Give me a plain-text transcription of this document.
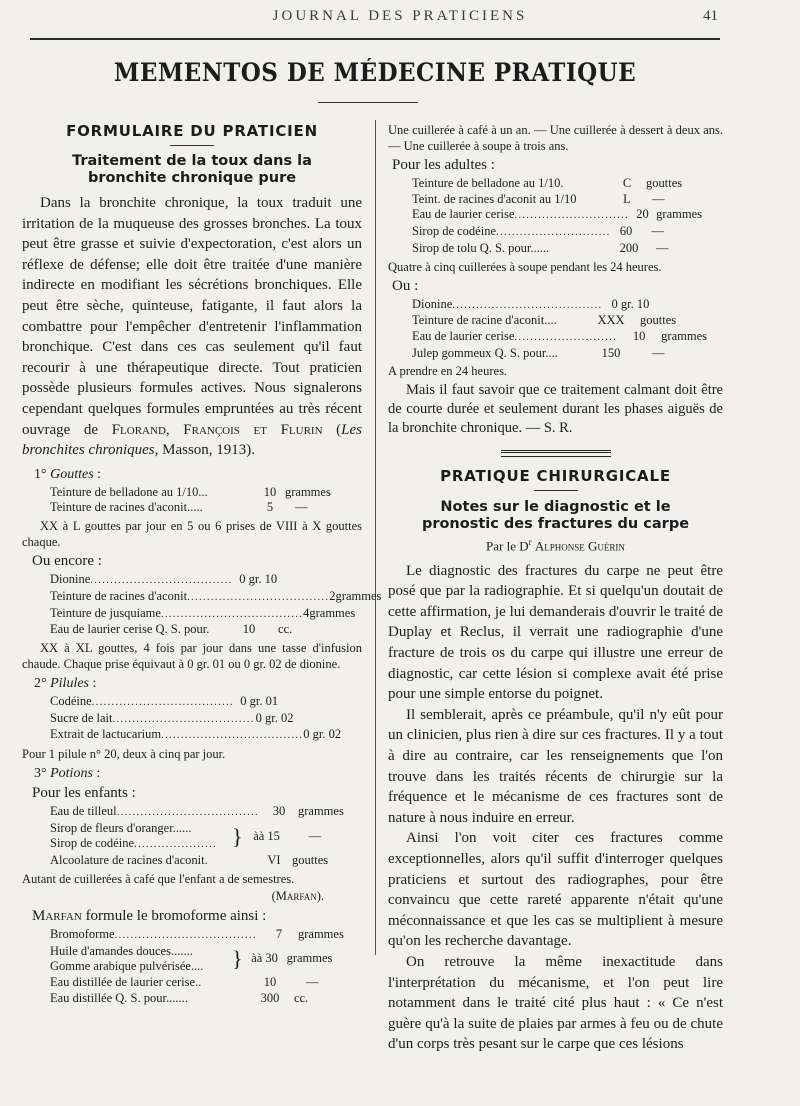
JOURNAL DES PRATICIENS	41
MEMENTOS DE MÉDECINE PRATIQUE
FORMULAIRE DU PRATICIEN
Traitement de la toux dans la bronchite chronique pure

Dans la bronchite chronique, la toux traduit une irritation de la muqueuse des grosses bronches. La toux peut être grasse et suivie d'expectoration, c'est alors un réflexe de défense; elle doit être traitée d'une manière indirecte en modifiant les sécrétions bronchiques. Elle peut être sèche, quinteuse, fatigante, il faut alors la combattre pour l'empêcher d'entretenir l'inflammation bronchique. C'est dans ces cas seulement qu'il faut recourir à une thérapeutique directe. Tout praticien possède plusieurs formules actives. Nous signalerons cependant quelques formules empruntées au très récent ouvrage de Florand, François et Flurin (Les bronchites chroniques, Masson, 1913).

1° Gouttes :
Teinture de belladone au 1/10...	10 grammes
Teinture de racines d'aconit.....	5	—

XX à L gouttes par jour en 5 ou 6 prises de VIII à X gouttes chaque.

Ou encore :
Dionine .................................... 0 gr. 10
Teinture de racines d'aconit .................................... 2 grammes
Teinture de jusquiame .................................... 4 grammes
Eau de laurier cerise Q. S. pour.	10	cc.

XX à XL gouttes, 4 fois par jour dans une tasse d'infusion chaude. Chaque prise équivaut à 0 gr. 01 ou 0 gr. 02 de dionine.

2° Pilules :
Codéine .................................... 0 gr. 01
Sucre de lait .................................... 0 gr. 02
Extrait de lactucarium .................................... 0 gr. 02

Pour 1 pilule n° 20, deux à cinq par jour.

3° Potions :
Pour les enfants :
Eau de tilleul ....................................	30	grammes
Sirop de fleurs d'oranger......
Sirop de codéine ..................... } àà 15	—
Alcoolature de racines d'aconit.	VI gouttes

Autant de cuillerées à café que l'enfant a de semestres.

(Marfan).
Marfan formule le bromoforme ainsi :
Bromoforme ....................................	7	grammes
Huile d'amandes douces.......
Gomme arabique pulvérisée.... } àà 30 grammes
Eau distillée de laurier cerise..	10	—
Eau distillée Q. S. pour.......	300	cc.

Une cuillerée à café à un an. — Une cuillerée à dessert à deux ans. — Une cuillerée à soupe à trois ans.

Pour les adultes :
Teinture de belladone au 1/10.	C	gouttes
Teint. de racines d'aconit au 1/10	L	—
Eau de laurier cerise ............................. 20 grammes
Sirop de codéine ............................. 60	—
Sirop de tolu Q. S. pour......	200	—

Quatre à cinq cuillerées à soupe pendant les 24 heures.

Ou :
Dionine ...................................... 0 gr. 10
Teinture de racine d'aconit....	XXX	gouttes
Eau de laurier cerise ..........................	10	grammes
Julep gommeux Q. S. pour....	150	—

A prendre en 24 heures.

Mais il faut savoir que ce traitement calmant doit être de courte durée et seulement durant les phases aiguës de la bronchite chronique. — S. R.

PRATIQUE CHIRURGICALE
Notes sur le diagnostic et le pronostic des fractures du carpe
Par le $D^r$ Alphonse Guérin

Le diagnostic des fractures du carpe ne peut être posé que par la radiographie. Et si quelqu'un doutait de cette affirmation, je lui demanderais d'ouvrir le traité de Duplay et Reclus, il verrait une radiographie d'une fracture de trois os du carpe qui illustre une erreur de diagnostic, car cette lésion si complexe avait été prise pour une simple entorse du poignet.

Il semblerait, après ce préambule, qu'il n'y eût pour un clinicien, plus rien à dire sur ces fractures. Il y a tout à dire au contraire, car les renseignements que l'on trouve dans les traités récents de chirurgie sur la fréquence et le mécanisme de ces fractures sont de nature à nous induire en erreur.

Ainsi l'on voit citer ces fractures comme exceptionnelles, alors qu'il suffit d'interroger quelques praticiens et surtout des radiographes, pour être convaincu que cette rareté apparente n'était qu'une méconnaissance et que les cas se multiplient à mesure qu'on les recherche davantage.

On retrouve la même inexactitude dans l'interprétation du mécanisme, et l'on peut lire notamment dans le traité cité plus haut : « Ce n'est guère qu'à la suite de plaies par armes à feu ou de chute d'un corps très pesant sur le carpe que ces lésions
